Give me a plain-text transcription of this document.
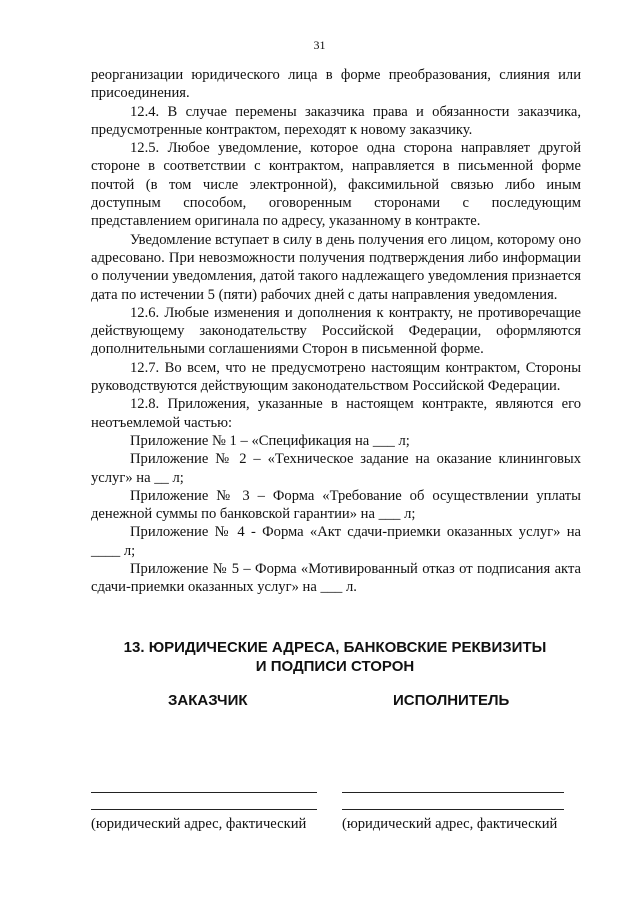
31

реорганизации юридического лица в форме преобразования, слияния или присоединения.

12.4. В случае перемены заказчика права и обязанности заказчика, предусмотренные контрактом, переходят к новому заказчику.

12.5. Любое уведомление, которое одна сторона направляет другой стороне в соответствии с контрактом, направляется в письменной форме почтой (в том числе электронной), факсимильной связью либо иным доступным способом, оговоренным сторонами с последующим представлением оригинала по адресу, указанному в контракте.

Уведомление вступает в силу в день получения его лицом, которому оно адресовано. При невозможности получения подтверждения либо информации о получении уведомления, датой такого надлежащего уведомления признается дата по истечении 5 (пяти) рабочих дней с даты направления уведомления.

12.6. Любые изменения и дополнения к контракту, не противоречащие действующему законодательству Российской Федерации, оформляются дополнительными соглашениями Сторон в письменной форме.

12.7. Во всем, что не предусмотрено настоящим контрактом, Стороны руководствуются действующим законодательством Российской Федерации.

12.8. Приложения, указанные в настоящем контракте, являются его неотъемлемой частью:

Приложение № 1 – «Спецификация на ___ л;

Приложение № 2 – «Техническое задание на оказание клининговых услуг» на __ л;

Приложение № 3 – Форма «Требование об осуществлении уплаты денежной суммы по банковской гарантии» на ___ л;

Приложение № 4 - Форма «Акт сдачи-приемки оказанных услуг» на ____ л;

Приложение № 5 – Форма «Мотивированный отказ от подписания акта сдачи-приемки оказанных услуг» на ___ л.

13. ЮРИДИЧЕСКИЕ АДРЕСА, БАНКОВСКИЕ РЕКВИЗИТЫ
И ПОДПИСИ СТОРОН
ЗАКАЗЧИК	ИСПОЛНИТЕЛЬ
(юридический адрес, фактический (юридический адрес, фактический
